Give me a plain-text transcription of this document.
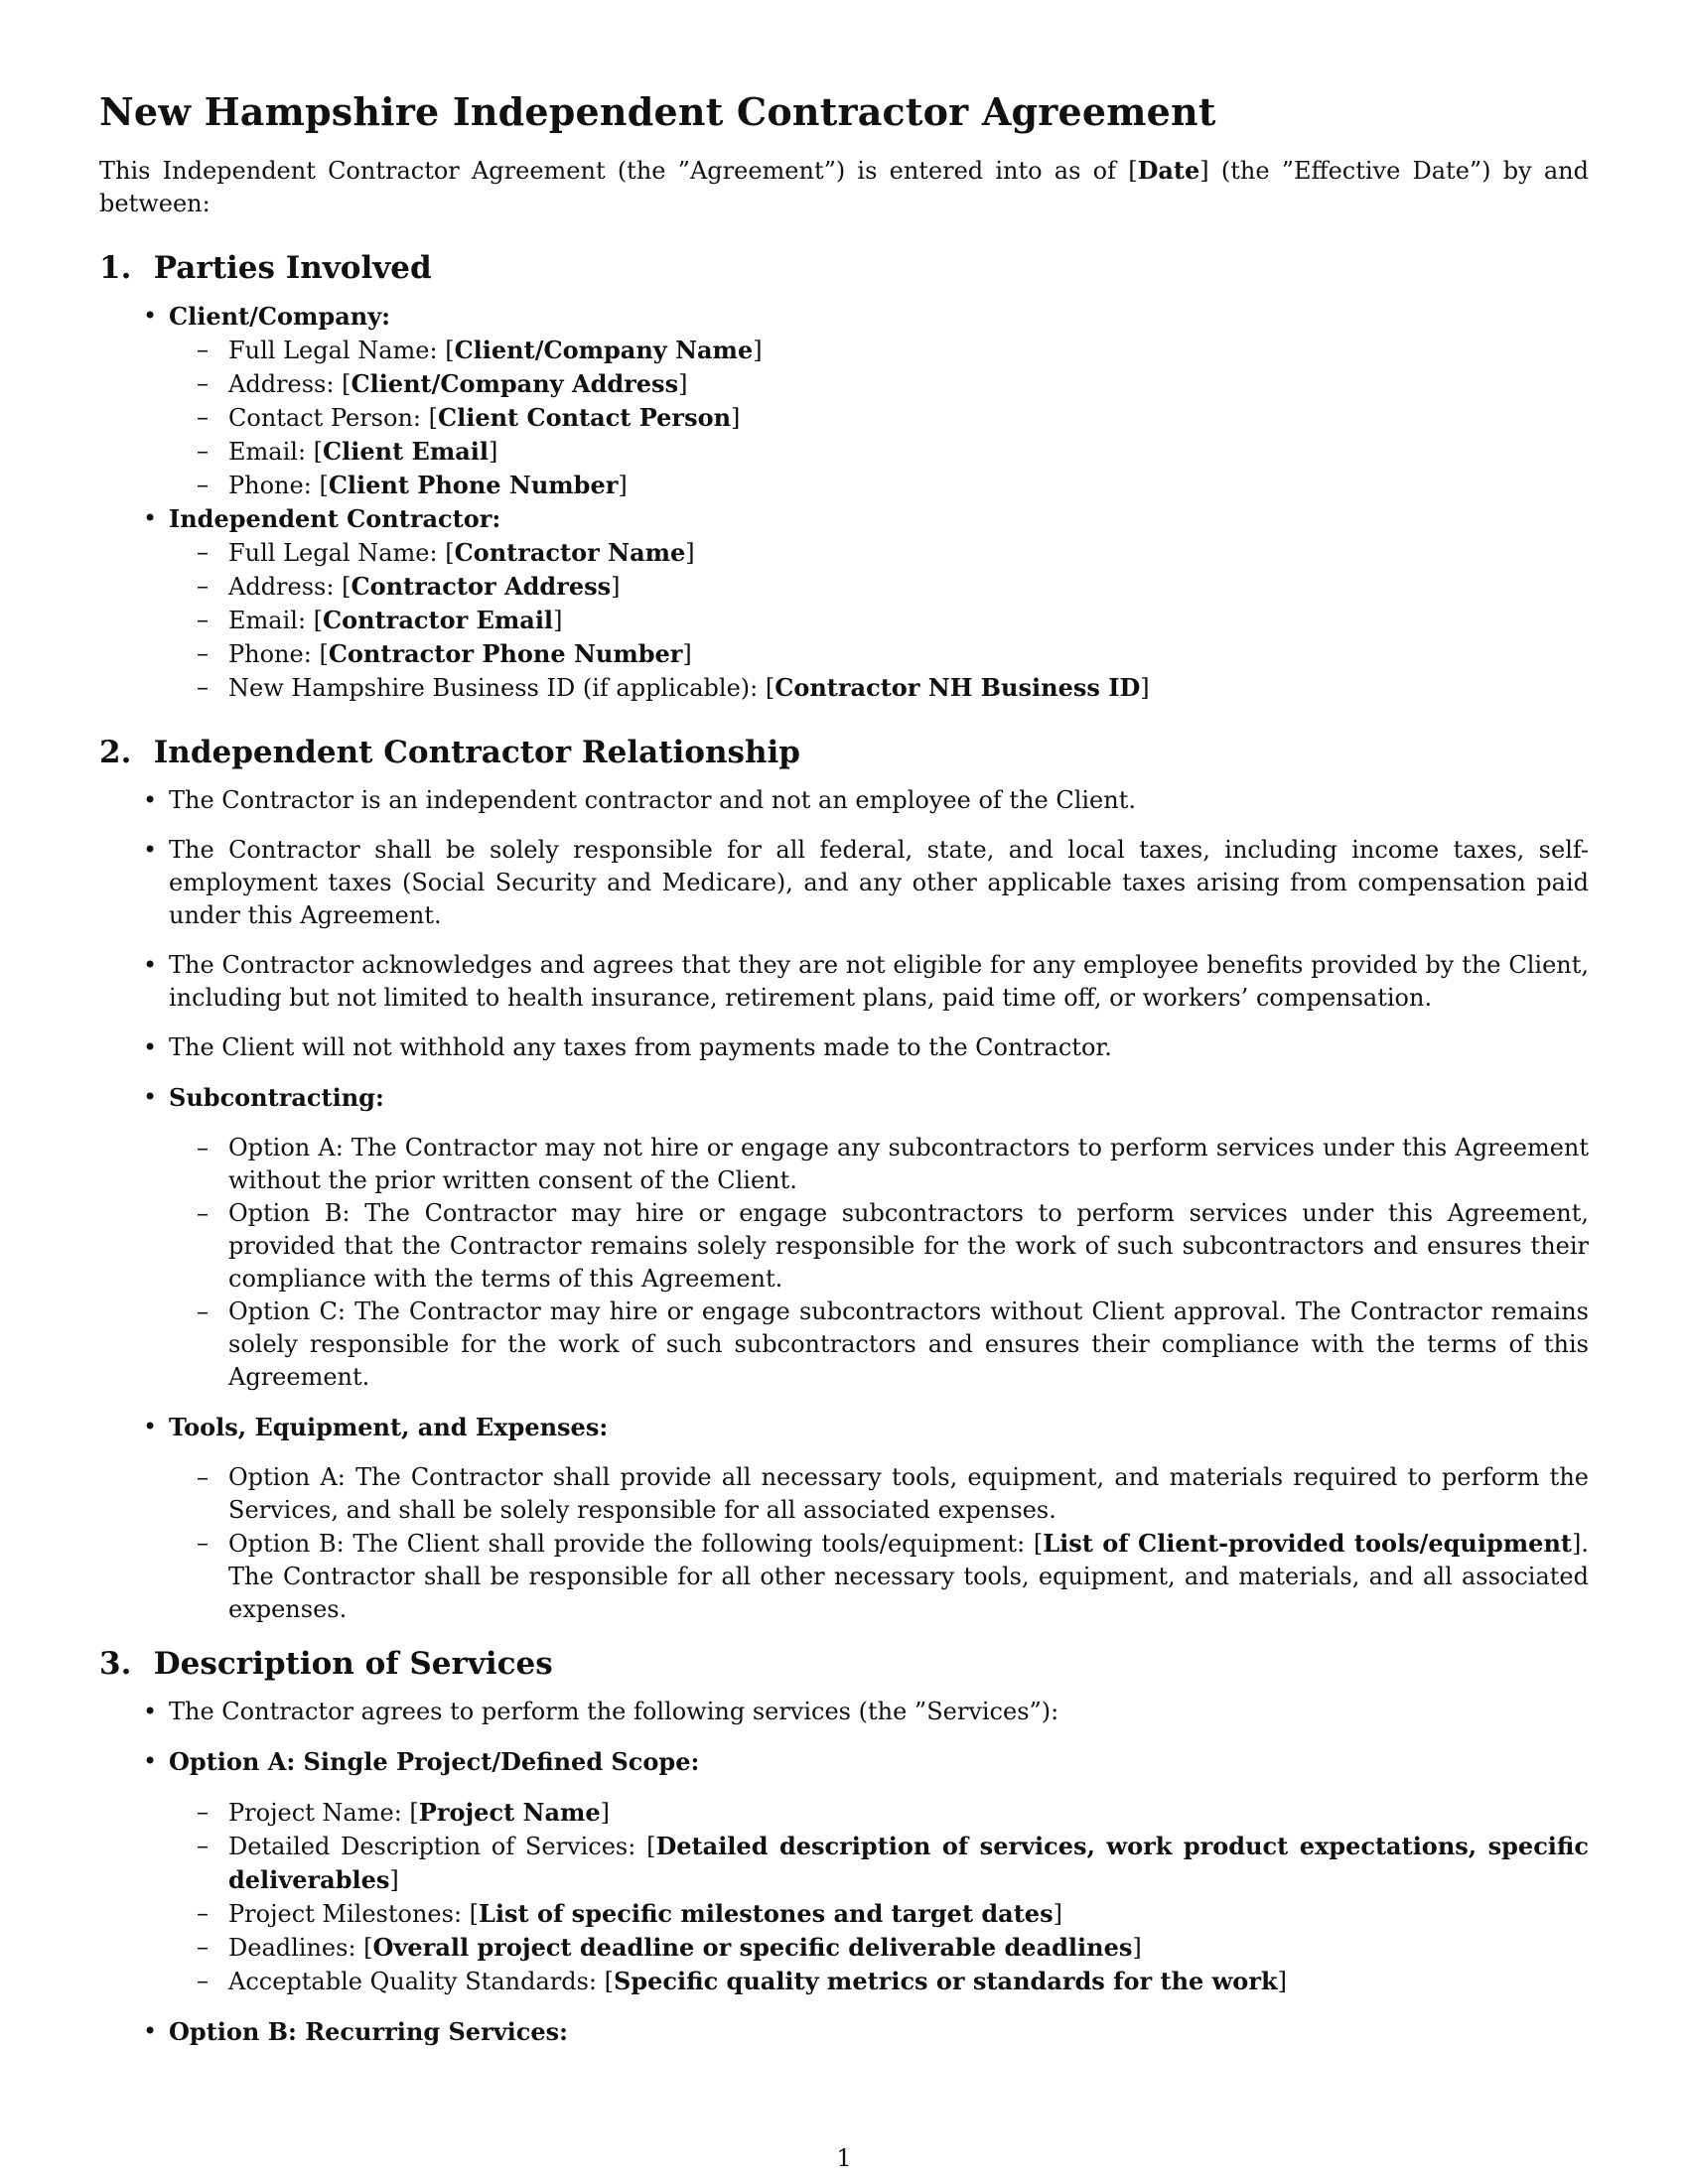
New Hampshire Independent Contractor Agreement

This Independent Contractor Agreement (the ”Agreement”) is entered into as of [Date] (the ”Effective Date”) by and between:

1. Parties Involved
• Client/Company:
– Full Legal Name: [Client/Company Name]
– Address: [Client/Company Address]
– Contact Person: [Client Contact Person]
– Email: [Client Email]
– Phone: [Client Phone Number]
• Independent Contractor:
– Full Legal Name: [Contractor Name]
– Address: [Contractor Address]
– Email: [Contractor Email]
– Phone: [Contractor Phone Number]
– New Hampshire Business ID (if applicable): [Contractor NH Business ID]
2. Independent Contractor Relationship
• The Contractor is an independent contractor and not an employee of the Client.
• The Contractor shall be solely responsible for all federal, state, and local taxes, including income taxes, self-employment taxes (Social Security and Medicare), and any other applicable taxes arising from compensation paid under this Agreement.
• The Contractor acknowledges and agrees that they are not eligible for any employee benefits provided by the Client, including but not limited to health insurance, retirement plans, paid time off, or workers’ compensation.
• The Client will not withhold any taxes from payments made to the Contractor.
• Subcontracting:
– Option A: The Contractor may not hire or engage any subcontractors to perform services under this Agreement without the prior written consent of the Client.
– Option B: The Contractor may hire or engage subcontractors to perform services under this Agreement, provided that the Contractor remains solely responsible for the work of such subcontractors and ensures their compliance with the terms of this Agreement.
– Option C: The Contractor may hire or engage subcontractors without Client approval. The Contractor remains solely responsible for the work of such subcontractors and ensures their compliance with the terms of this Agreement.
• Tools, Equipment, and Expenses:
– Option A: The Contractor shall provide all necessary tools, equipment, and materials required to perform the Services, and shall be solely responsible for all associated expenses.
– Option B: The Client shall provide the following tools/equipment: [List of Client-provided tools/equipment]. The Contractor shall be responsible for all other necessary tools, equipment, and materials, and all associated expenses.
3. Description of Services
• The Contractor agrees to perform the following services (the ”Services”):
• Option A: Single Project/Defined Scope:
– Project Name: [Project Name]
– Detailed Description of Services: [Detailed description of services, work product expectations, specific deliverables]
– Project Milestones: [List of specific milestones and target dates]
– Deadlines: [Overall project deadline or specific deliverable deadlines]
– Acceptable Quality Standards: [Specific quality metrics or standards for the work]
• Option B: Recurring Services:
1
